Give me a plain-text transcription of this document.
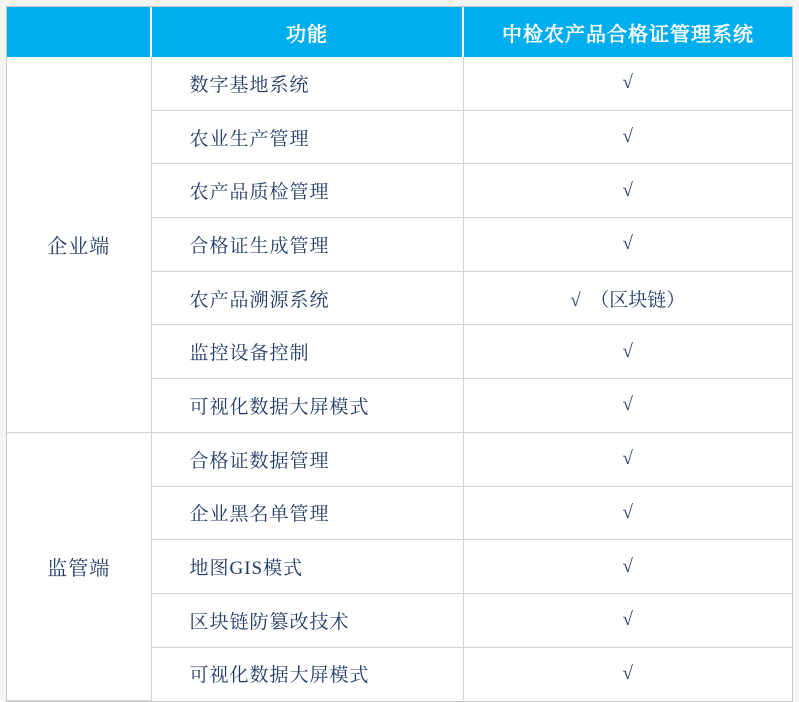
	功能	中检农产品合格证管理系统
企业端	数字基地系统	√
	农业生产管理	√
	农产品质检管理	√
	合格证生成管理	√
	农产品溯源系统	√　（区块链）
	监控设备控制	√
	可视化数据大屏模式	√
监管端	合格证数据管理	√
	企业黑名单管理	√
	地图GIS模式	√
	区块链防篡改技术	√
	可视化数据大屏模式	√
